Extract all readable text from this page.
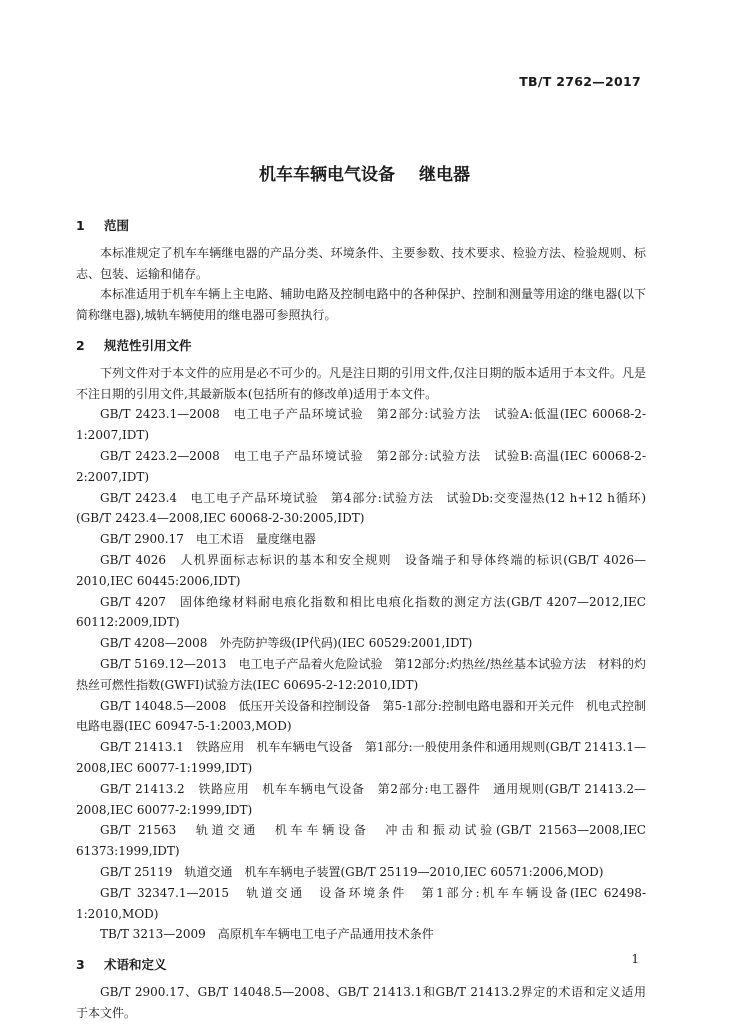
TB/T 2762—2017
机车车辆电气设备 继电器
1 范围

本标准规定了机车车辆继电器的产品分类、环境条件、主要参数、技术要求、检验方法、检验规则、标志、包装、运输和储存。

本标准适用于机车车辆上主电路、辅助电路及控制电路中的各种保护、控制和测量等用途的继电器(以下简称继电器),城轨车辆使用的继电器可参照执行。

2 规范性引用文件

下列文件对于本文件的应用是必不可少的。凡是注日期的引用文件,仅注日期的版本适用于本文件。凡是不注日期的引用文件,其最新版本(包括所有的修改单)适用于本文件。

GB/T 2423.1—2008　电工电子产品环境试验　第2部分:试验方法　试验A:低温(IEC 60068-2-1:2007,IDT)

GB/T 2423.2—2008　电工电子产品环境试验　第2部分:试验方法　试验B:高温(IEC 60068-2-2:2007,IDT)

GB/T 2423.4　电工电子产品环境试验　第4部分:试验方法　试验Db:交变湿热(12 h+12 h循环)(GB/T 2423.4—2008,IEC 60068-2-30:2005,IDT)

GB/T 2900.17　电工术语　量度继电器

GB/T 4026　人机界面标志标识的基本和安全规则　设备端子和导体终端的标识(GB/T 4026—2010,IEC 60445:2006,IDT)

GB/T 4207　固体绝缘材料耐电痕化指数和相比电痕化指数的测定方法(GB/T 4207—2012,IEC 60112:2009,IDT)

GB/T 4208—2008　外壳防护等级(IP代码)(IEC 60529:2001,IDT)

GB/T 5169.12—2013　电工电子产品着火危险试验　第12部分:灼热丝/热丝基本试验方法　材料的灼热丝可燃性指数(GWFI)试验方法(IEC 60695-2-12:2010,IDT)

GB/T 14048.5—2008　低压开关设备和控制设备　第5-1部分:控制电路电器和开关元件　机电式控制电路电器(IEC 60947-5-1:2003,MOD)

GB/T 21413.1　铁路应用　机车车辆电气设备　第1部分:一般使用条件和通用规则(GB/T 21413.1—2008,IEC 60077-1:1999,IDT)

GB/T 21413.2　铁路应用　机车车辆电气设备　第2部分:电工器件　通用规则(GB/T 21413.2—2008,IEC 60077-2:1999,IDT)

GB/T 21563　轨道交通　机车车辆设备　冲击和振动试验(GB/T 21563—2008,IEC 61373:1999,IDT)

GB/T 25119　轨道交通　机车车辆电子装置(GB/T 25119—2010,IEC 60571:2006,MOD)

GB/T 32347.1—2015　轨道交通　设备环境条件　第1部分:机车车辆设备(IEC 62498-1:2010,MOD)

TB/T 3213—2009　高原机车车辆电工电子产品通用技术条件

3 术语和定义

GB/T 2900.17、GB/T 14048.5—2008、GB/T 21413.1和GB/T 21413.2界定的术语和定义适用于本文件。

1
